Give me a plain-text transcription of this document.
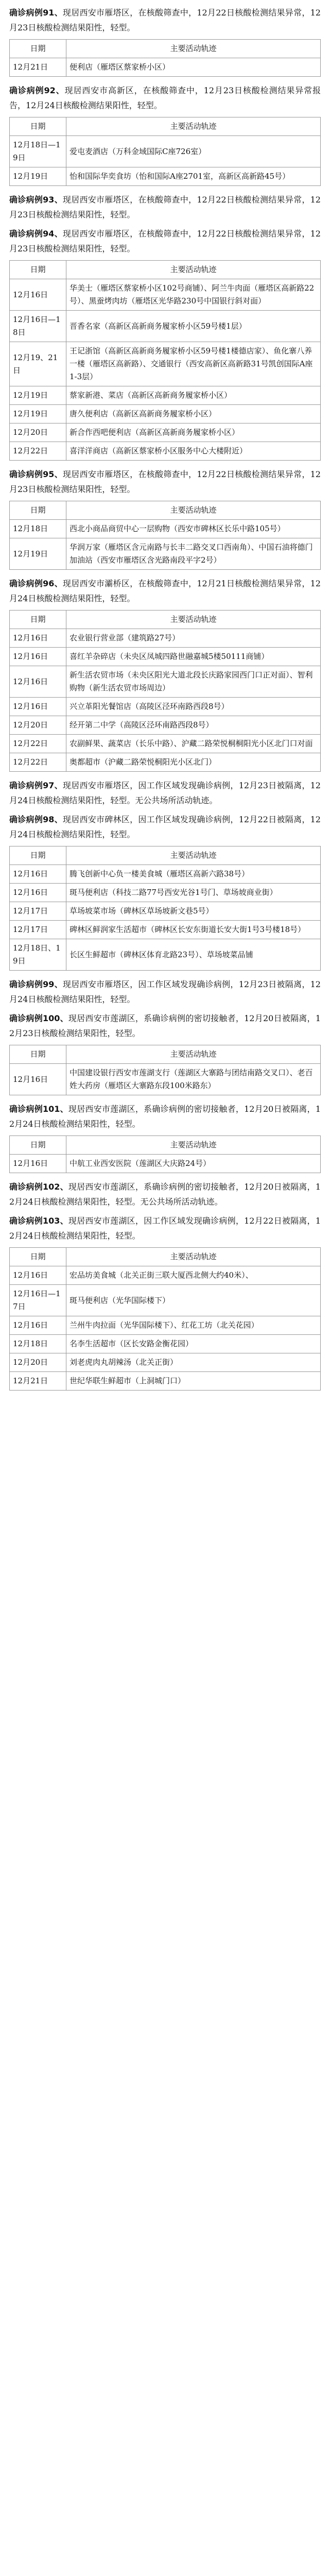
确诊病例91、现居西安市雁塔区，在核酸筛查中，12月22日核酸检测结果异常，12月23日核酸检测结果阳性，轻型。

日期	主要活动轨迹
12月21日	便利店（雁塔区蔡家桥小区）

确诊病例92、现居西安市高新区，在核酸筛查中，12月23日核酸检测结果异常报告，12月24日核酸检测结果阳性，轻型。

日期	主要活动轨迹
12月18日—19日	爱屯麦酒店（万科金域国际C座726室）
12月19日	怡和国际华奕食坊（怡和国际A座2701室，高新区高新路45号）

确诊病例93、现居西安市雁塔区，在核酸筛查中，12月22日核酸检测结果异常，12月23日核酸检测结果阳性，轻型。

确诊病例94、现居西安市雁塔区，在核酸筛查中，12月22日核酸检测结果异常，12月23日核酸检测结果阳性，轻型。

日期	主要活动轨迹
12月16日	华美士（雁塔区蔡家桥小区102号商铺）、阿兰牛肉面（雁塔区高新路22号）、黑蚕烤肉坊（雁塔区光华路230号中国银行斜对面）
12月16日—18日	晋香名家（高新区高新商务履家桥小区59号楼1层）
12月19、21日	王记浙馆（高新区高新商务履家桥小区59号楼1楼德店家）、鱼化寨八养一楼（雁塔区高新路）、交通银行（西安高新区高新路31号凯创国际A座1-3层）
12月19日	蔡家新港、菜店（高新区高新商务履家桥小区）
12月19日	唐久便利店（高新区高新商务履家桥小区）
12月20日	新合作西吧便利店（高新区高新商务履家桥小区）
12月22日	喜洋洋商店（高新区蔡家桥小区服务中心大楼附近）

确诊病例95、现居西安市雁塔区，在核酸筛查中，12月22日核酸检测结果异常，12月23日核酸检测结果阳性，轻型。

日期	主要活动轨迹
12月18日	西北小商品商贸中心一层购物（西安市碑林区长乐中路105号）
12月19日	华润万家（雁塔区含元南路与长丰二路交叉口西南角）、中国石油将德门加油站（西安市雁塔区含光路南段平字2号）

确诊病例96、现居西安市灞桥区，在核酸筛查中，12月21日核酸检测结果异常，12月24日核酸检测结果阳性，轻型。

日期	主要活动轨迹
12月16日	农业银行营业部（建筑路27号）
12月16日	喜红羊杂碎店（未央区凤城四路世融嘉城5楼50111商铺）
12月16日	新生活农贸市场（未央区阳光大道北段长庆路家园西门口正对面）、智利购物（新生活农贸市场周边）
12月16日	兴立革阳光餐馆店（高陵区泾环南路西段8号）
12月20日	经开第二中学（高陵区泾环南路西段8号）
12月22日	农副鲜果、蔬菜店（长乐中路）、沪藏二路荣悦桐桐阳光小区北门口对面
12月22日	奥都超市（沪藏二路荣悦桐阳光小区北门）

确诊病例97、现居西安市雁塔区，因工作区域发现确诊病例，12月23日被隔离，12月24日核酸检测结果阳性，轻型。无公共场所活动轨迹。

确诊病例98、现居西安市碑林区，因工作区域发现确诊病例，12月22日被隔离，12月24日核酸检测结果阳性，轻型。

日期	主要活动轨迹
12月16日	腾飞创新中心负一楼美食城（雁塔区高新六路38号）
12月16日	斑马便利店（科技二路77号西安光谷1号门、草场坡商业街）
12月17日	草场坡菜市场（碑林区草场坡新文巷5号）
12月17日	碑林区鲜润家生活超市（碑林区长安东街道长安大街1号3号楼18号）
12月18日、19日	长区生鲜超市（碑林区体育北路23号）、草场坡菜品铺

确诊病例99、现居西安市雁塔区，因工作区域发现确诊病例，12月23日被隔离，12月24日核酸检测结果阳性，轻型。

确诊病例100、现居西安市莲湖区，系确诊病例的密切接触者，12月20日被隔离，12月23日核酸检测结果阳性，轻型。

日期	主要活动轨迹
12月16日	中国建设银行西安市莲湖支行（莲湖区大寨路与团结南路交叉口）、老百姓大药房（雁塔区大寨路东段100米路东）

确诊病例101、现居西安市莲湖区，系确诊病例的密切接触者，12月20日被隔离，12月24日核酸检测结果阳性，轻型。

日期	主要活动轨迹
12月16日	中航工业西安医院（莲湖区大庆路24号）

确诊病例102、现居西安市莲湖区，系确诊病例的密切接触者，12月20日被隔离，12月24日核酸检测结果阳性，轻型。无公共场所活动轨迹。

确诊病例103、现居西安市莲湖区，因工作区域发现确诊病例，12月22日被隔离，12月24日核酸检测结果阳性，轻型。

日期	主要活动轨迹
12月16日	宏品坊美食城（北关正街三联大厦西北侧大约40米）、
12月16日—17日	斑马便利店（光华国际楼下）
12月16日	兰州牛肉拉面（光华国际楼下）、红花工坊（北关花园）
12月18日	名李生活超市（区长安路金衡花园）
12月20日	刘老虎肉丸胡辣汤（北关正街）
12月21日	世纪华联生鲜超市（上洞城门口）
